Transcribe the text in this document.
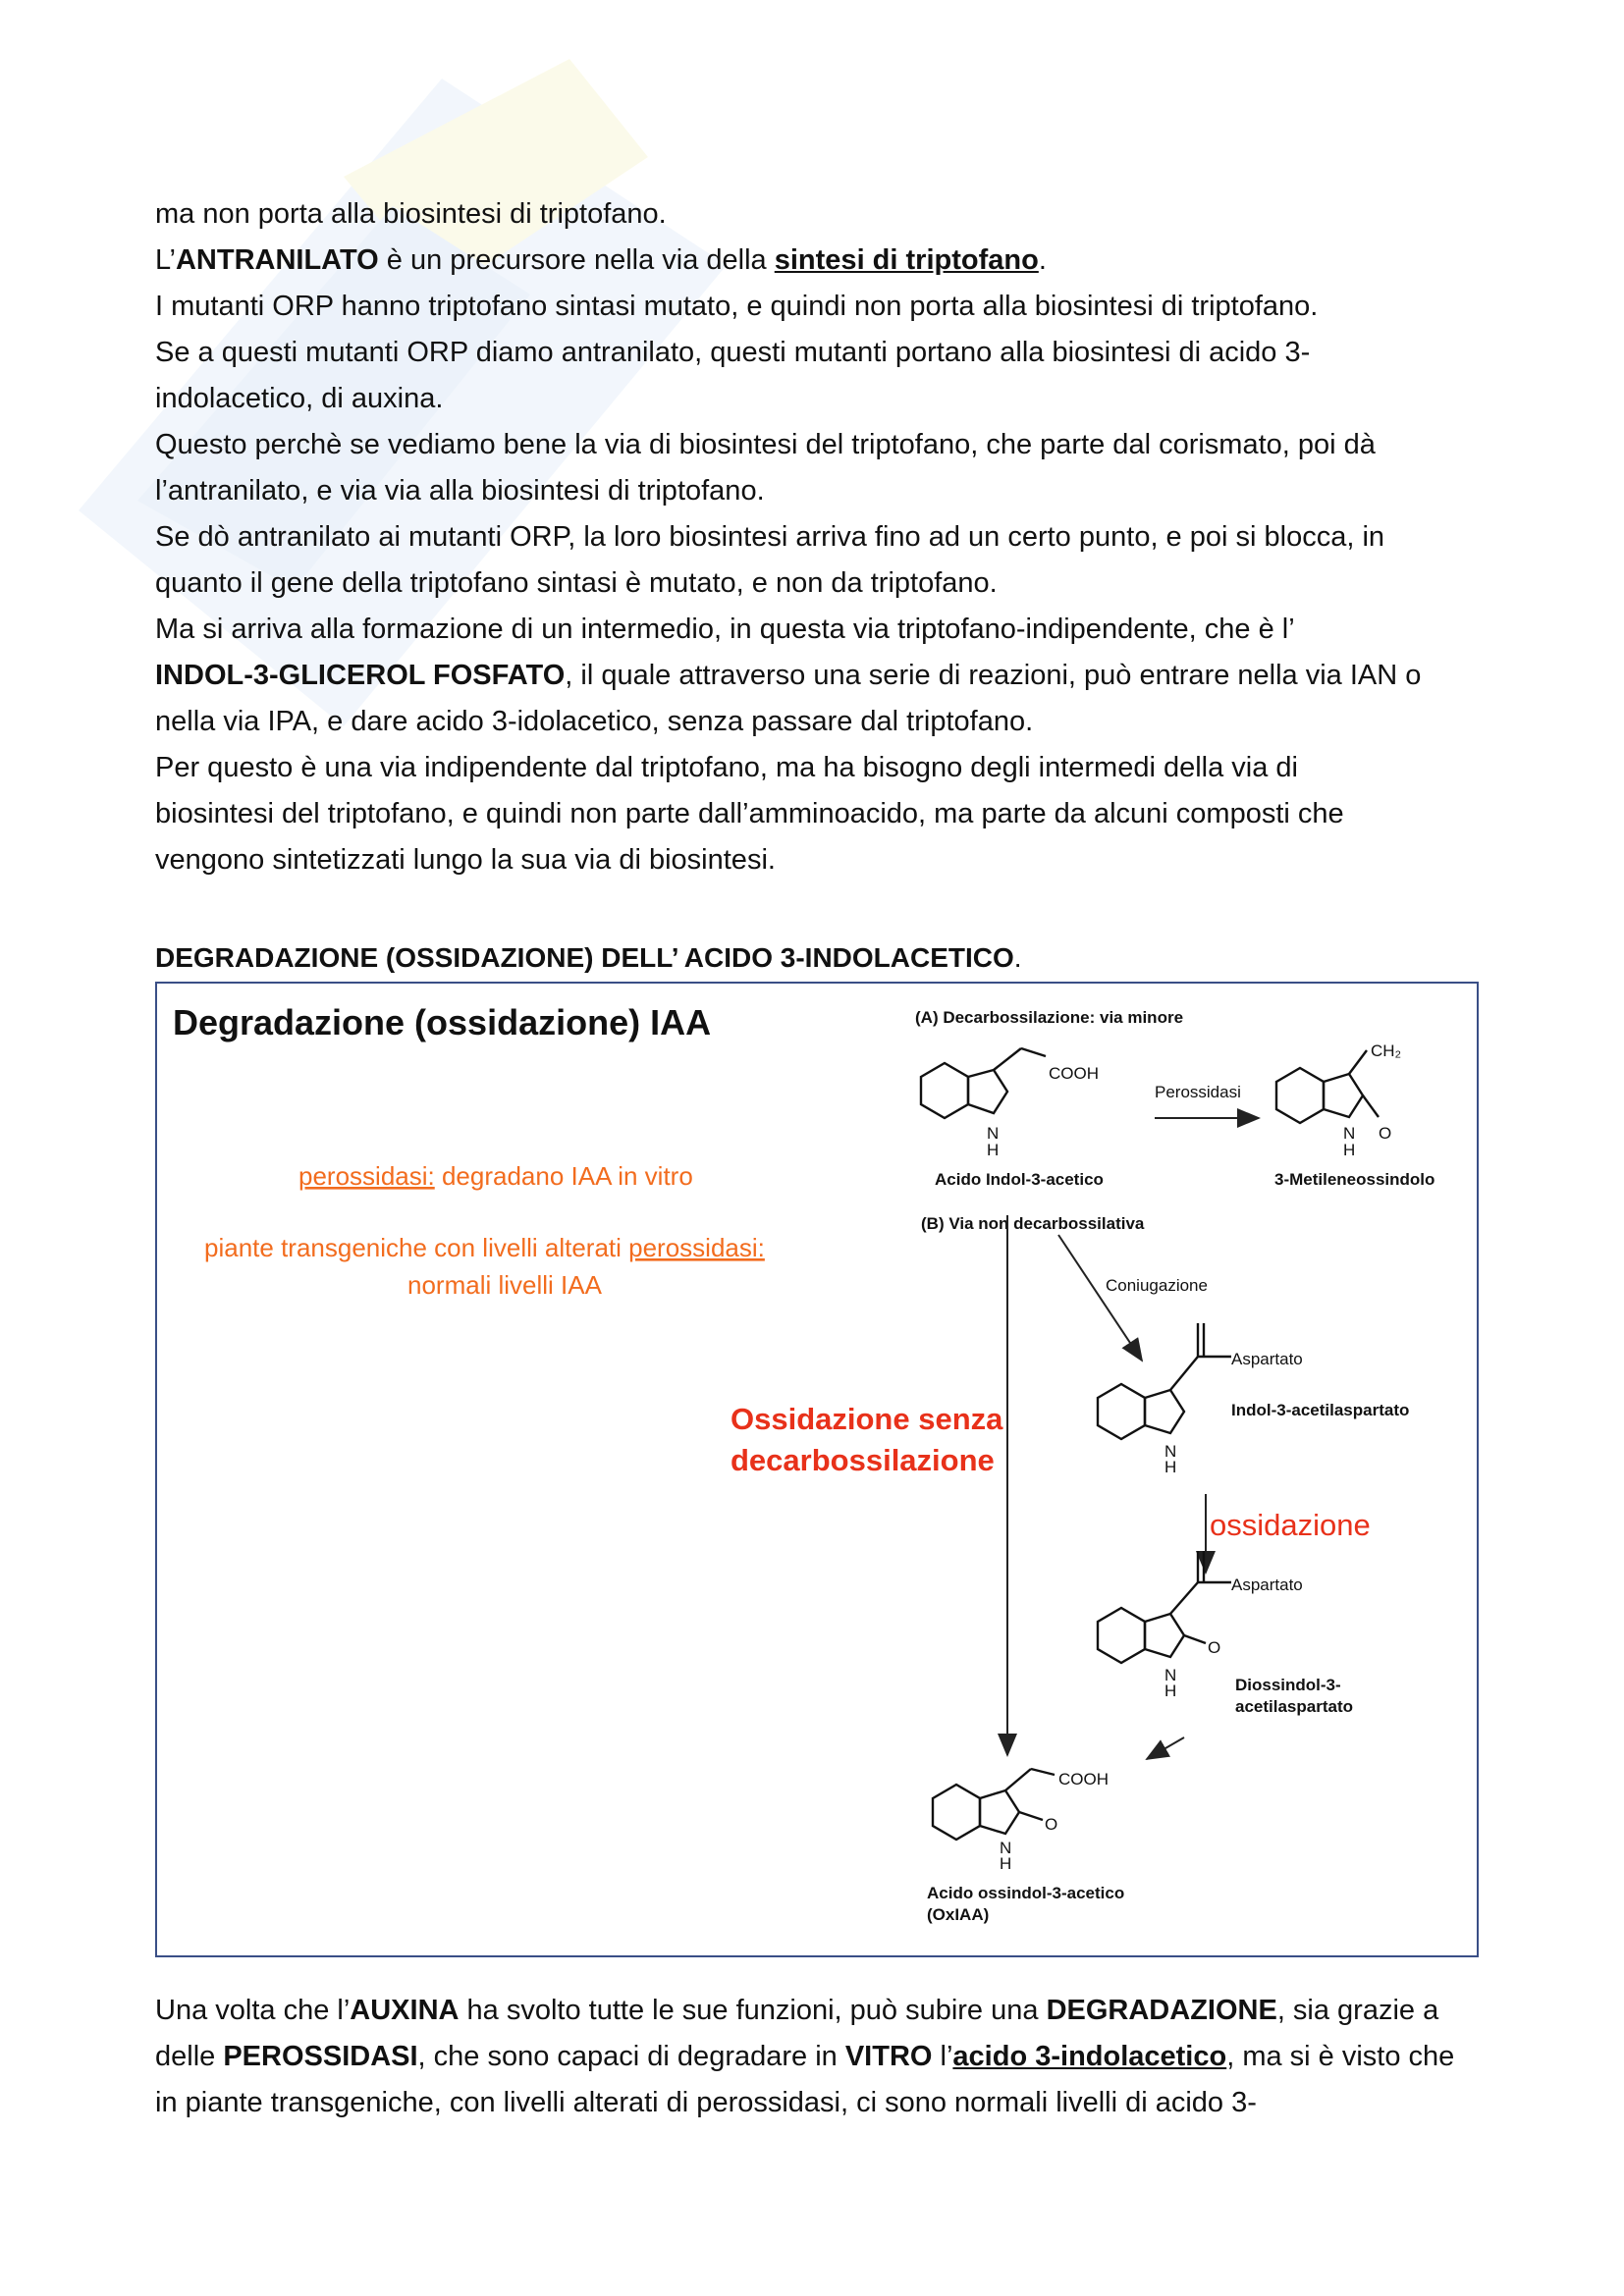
ma non porta alla biosintesi di triptofano.

L’ANTRANILATO è un precursore nella via della sintesi di triptofano.

I mutanti ORP hanno triptofano sintasi mutato, e quindi non porta alla biosintesi di triptofano.

Se a questi mutanti ORP diamo antranilato, questi mutanti portano alla biosintesi di acido 3-

indolacetico, di auxina.

Questo perchè se vediamo bene la via di biosintesi del triptofano, che parte dal corismato, poi dà

l’antranilato, e via via alla biosintesi di triptofano.

Se dò antranilato ai mutanti ORP, la loro biosintesi arriva fino ad un certo punto, e poi si blocca, in

quanto il gene della triptofano sintasi è mutato, e non da triptofano.

Ma si arriva alla formazione di un intermedio, in questa via triptofano-indipendente, che è l’

INDOL-3-GLICEROL FOSFATO, il quale attraverso una serie di reazioni, può entrare nella via IAN o

nella via IPA, e dare acido 3-idolacetico, senza passare dal triptofano.

Per questo è una via indipendente dal triptofano, ma ha bisogno degli intermedi della via di

biosintesi del triptofano, e quindi non parte dall’amminoacido, ma parte da alcuni composti che

vengono sintetizzati lungo la sua via di biosintesi.

DEGRADAZIONE (OSSIDAZIONE) DELL’ ACIDO 3-INDOLACETICO.
Degradazione (ossidazione) IAA
perossidasi: degradano IAA in vitro
piante transgeniche con livelli alterati perossidasi:
normali livelli IAA
(A) Decarbossilazione: via minore
(B) Via non decarbossilativa
COOH
N
H
Acido Indol-3-acetico
Perossidasi
CH₂
O
N
H
3-Metileneossindolo
Coniugazione
Aspartato
N
H
Indol-3-acetilaspartato
Ossidazione senza
decarbossilazione
ossidazione
Aspartato
O
N
H	Diossindol-3-
acetilaspartato
COOH
O
N
H
Acido ossindol-3-acetico
(OxIAA)

Una volta che l’AUXINA ha svolto tutte le sue funzioni, può subire una DEGRADAZIONE, sia grazie a

delle PEROSSIDASI, che sono capaci di degradare in VITRO l’acido 3-indolacetico, ma si è visto che

in piante transgeniche, con livelli alterati di perossidasi, ci sono normali livelli di acido 3-
